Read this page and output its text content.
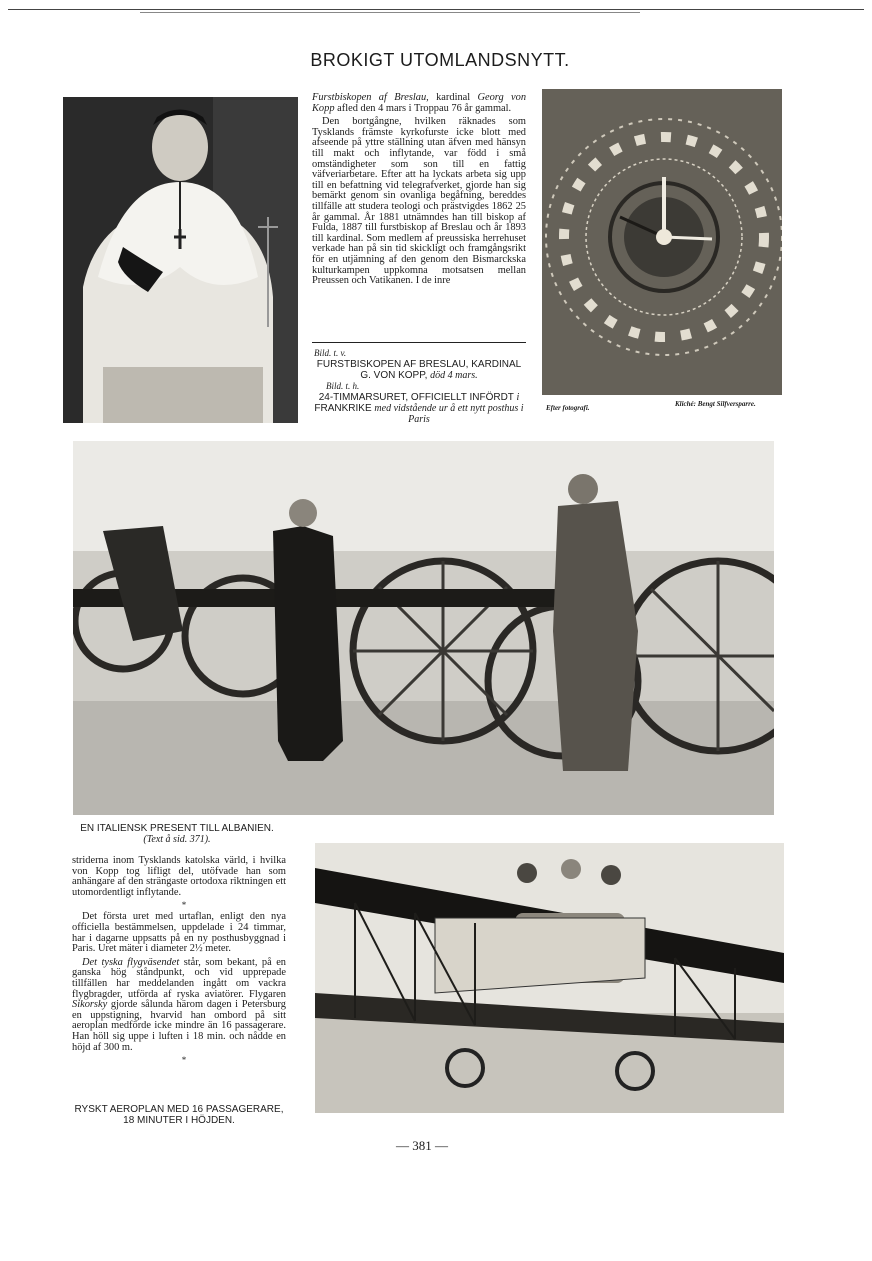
BROKIGT UTOMLANDSNYTT.

Furstbiskopen af Breslau, kardinal Georg von Kopp afled den 4 mars i Troppau 76 år gammal.

Den bortgångne, hvilken räknades som Tysklands främste kyrkofurste icke blott med afseende på yttre ställning utan äfven med hänsyn till makt och inflytande, var född i små omständigheter som son till en fattig väfveriarbetare. Efter att ha lyckats arbeta sig upp till en befattning vid telegrafverket, gjorde han sig bemärkt genom sin ovanliga begåfning, bereddes tillfälle att studera teologi och prästvigdes 1862 25 år gammal. År 1881 utnämndes han till biskop af Fulda, 1887 till furstbiskop af Breslau och år 1893 till kardinal. Som medlem af preussiska herrehuset verkade han på sin tid skickligt och framgångsrikt för en utjämning af den genom den Bismarckska kulturkampen uppkomna motsatsen mellan Preussen och Vatikanen. I de inre

Bild. t. v.
FURSTBISKOPEN AF BRESLAU, KARDINAL G. VON KOPP, död 4 mars.
Bild. t. h.
24-TIMMARSURET, OFFICIELLT INFÖRDT i FRANKRIKE med vidstående ur å ett nytt posthus i Paris
Efter fotografi.	Kliché: Bengt Silfversparre.
EN ITALIENSK PRESENT TILL ALBANIEN. (Text å sid. 371).

striderna inom Tysklands katolska värld, i hvilka von Kopp tog lifligt del, utöfvade han som anhängare af den strängaste ortodoxa riktningen ett utomordentligt inflytande.

*

Det första uret med urtaflan, enligt den nya officiella bestämmelsen, uppdelade i 24 timmar, har i dagarne uppsatts på en ny posthusbyggnad i Paris. Uret mäter i diameter 2½ meter.

Det tyska flygväsendet står, som bekant, på en ganska hög ståndpunkt, och vid upprepade tillfällen har meddelanden ingått om vackra flygbragder, utförda af ryska aviatörer. Flygaren Sikorsky gjorde sålunda härom dagen i Petersburg en uppstigning, hvarvid han ombord på sitt aeroplan medförde icke mindre än 16 passagerare. Han höll sig uppe i luften i 18 min. och nådde en höjd af 300 m.

*

RYSKT AEROPLAN MED 16 PASSAGERARE, 18 MINUTER I HÖJDEN.
— 381 —
